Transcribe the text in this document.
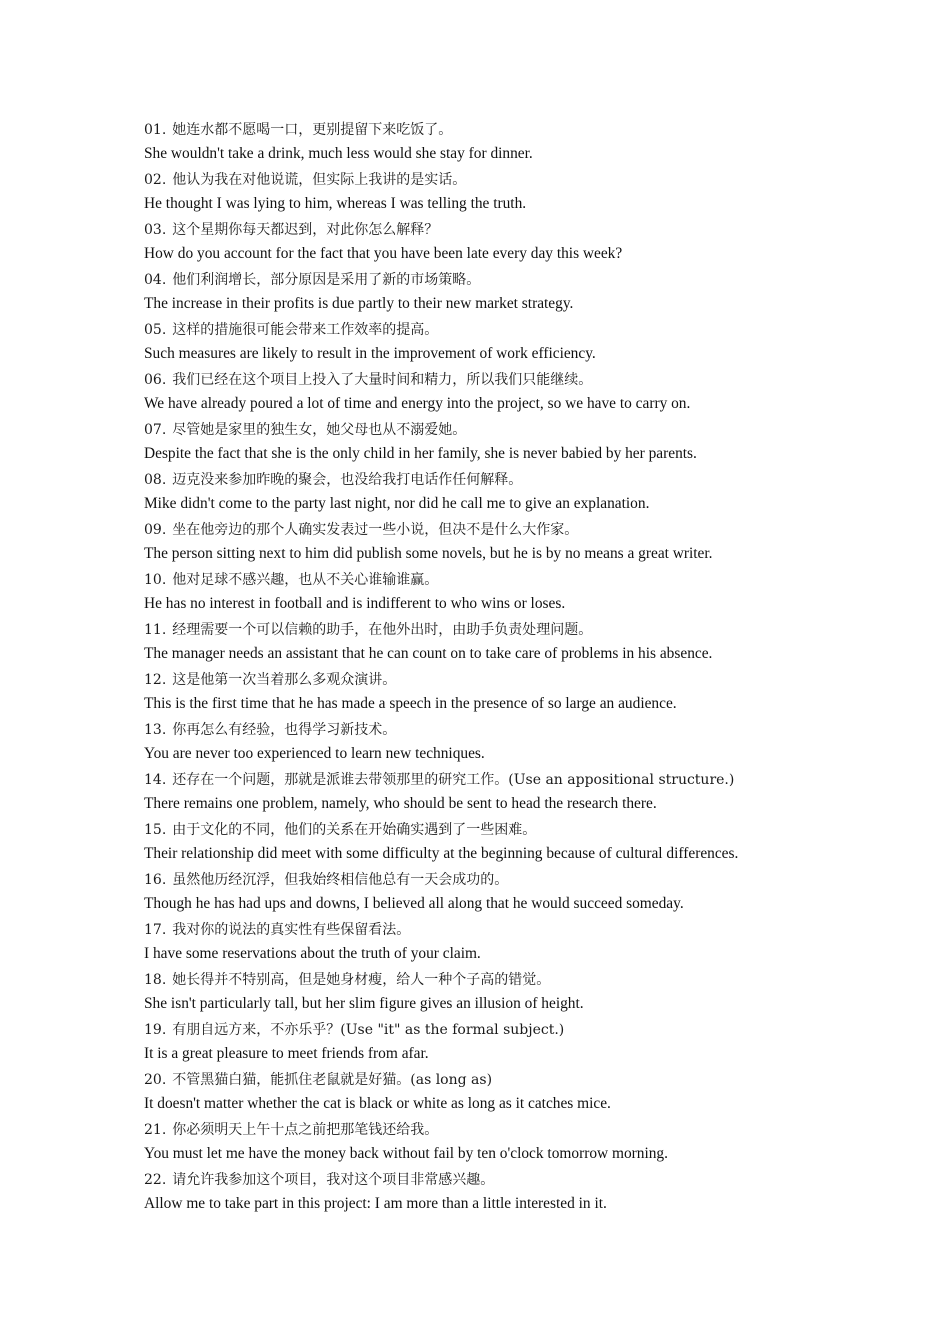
01. 她连水都不愿喝一口，更别提留下来吃饭了。
She wouldn't take a drink, much less would she stay for dinner.
02. 他认为我在对他说谎，但实际上我讲的是实话。
He thought I was lying to him, whereas I was telling the truth.
03. 这个星期你每天都迟到，对此你怎么解释？
How do you account for the fact that you have been late every day this week?
04. 他们利润增长，部分原因是采用了新的市场策略。
The increase in their profits is due partly to their new market strategy.
05. 这样的措施很可能会带来工作效率的提高。
Such measures are likely to result in the improvement of work efficiency.
06. 我们已经在这个项目上投入了大量时间和精力，所以我们只能继续。
We have already poured a lot of time and energy into the project, so we have to carry on.
07. 尽管她是家里的独生女，她父母也从不溺爱她。
Despite the fact that she is the only child in her family, she is never babied by her parents.
08. 迈克没来参加昨晚的聚会，也没给我打电话作任何解释。
Mike didn't come to the party last night, nor did he call me to give an explanation.
09. 坐在他旁边的那个人确实发表过一些小说，但决不是什么大作家。
The person sitting next to him did publish some novels, but he is by no means a great writer.
10. 他对足球不感兴趣，也从不关心谁输谁赢。
He has no interest in football and is indifferent to who wins or loses.
11. 经理需要一个可以信赖的助手，在他外出时，由助手负责处理问题。
The manager needs an assistant that he can count on to take care of problems in his absence.
12. 这是他第一次当着那么多观众演讲。
This is the first time that he has made a speech in the presence of so large an audience.
13. 你再怎么有经验，也得学习新技术。
You are never too experienced to learn new techniques.
14. 还存在一个问题，那就是派谁去带领那里的研究工作。(Use an appositional structure.)
There remains one problem, namely, who should be sent to head the research there.
15. 由于文化的不同，他们的关系在开始确实遇到了一些困难。
Their relationship did meet with some difficulty at the beginning because of cultural differences.
16. 虽然他历经沉浮，但我始终相信他总有一天会成功的。
Though he has had ups and downs, I believed all along that he would succeed someday.
17. 我对你的说法的真实性有些保留看法。
I have some reservations about the truth of your claim.
18. 她长得并不特别高，但是她身材瘦，给人一种个子高的错觉。
She isn't particularly tall, but her slim figure gives an illusion of height.
19. 有朋自远方来，不亦乐乎？(Use "it" as the formal subject.)
It is a great pleasure to meet friends from afar.
20. 不管黑猫白猫，能抓住老鼠就是好猫。(as long as)
It doesn't matter whether the cat is black or white as long as it catches mice.
21. 你必须明天上午十点之前把那笔钱还给我。
You must let me have the money back without fail by ten o'clock tomorrow morning.
22. 请允许我参加这个项目，我对这个项目非常感兴趣。
Allow me to take part in this project: I am more than a little interested in it.
